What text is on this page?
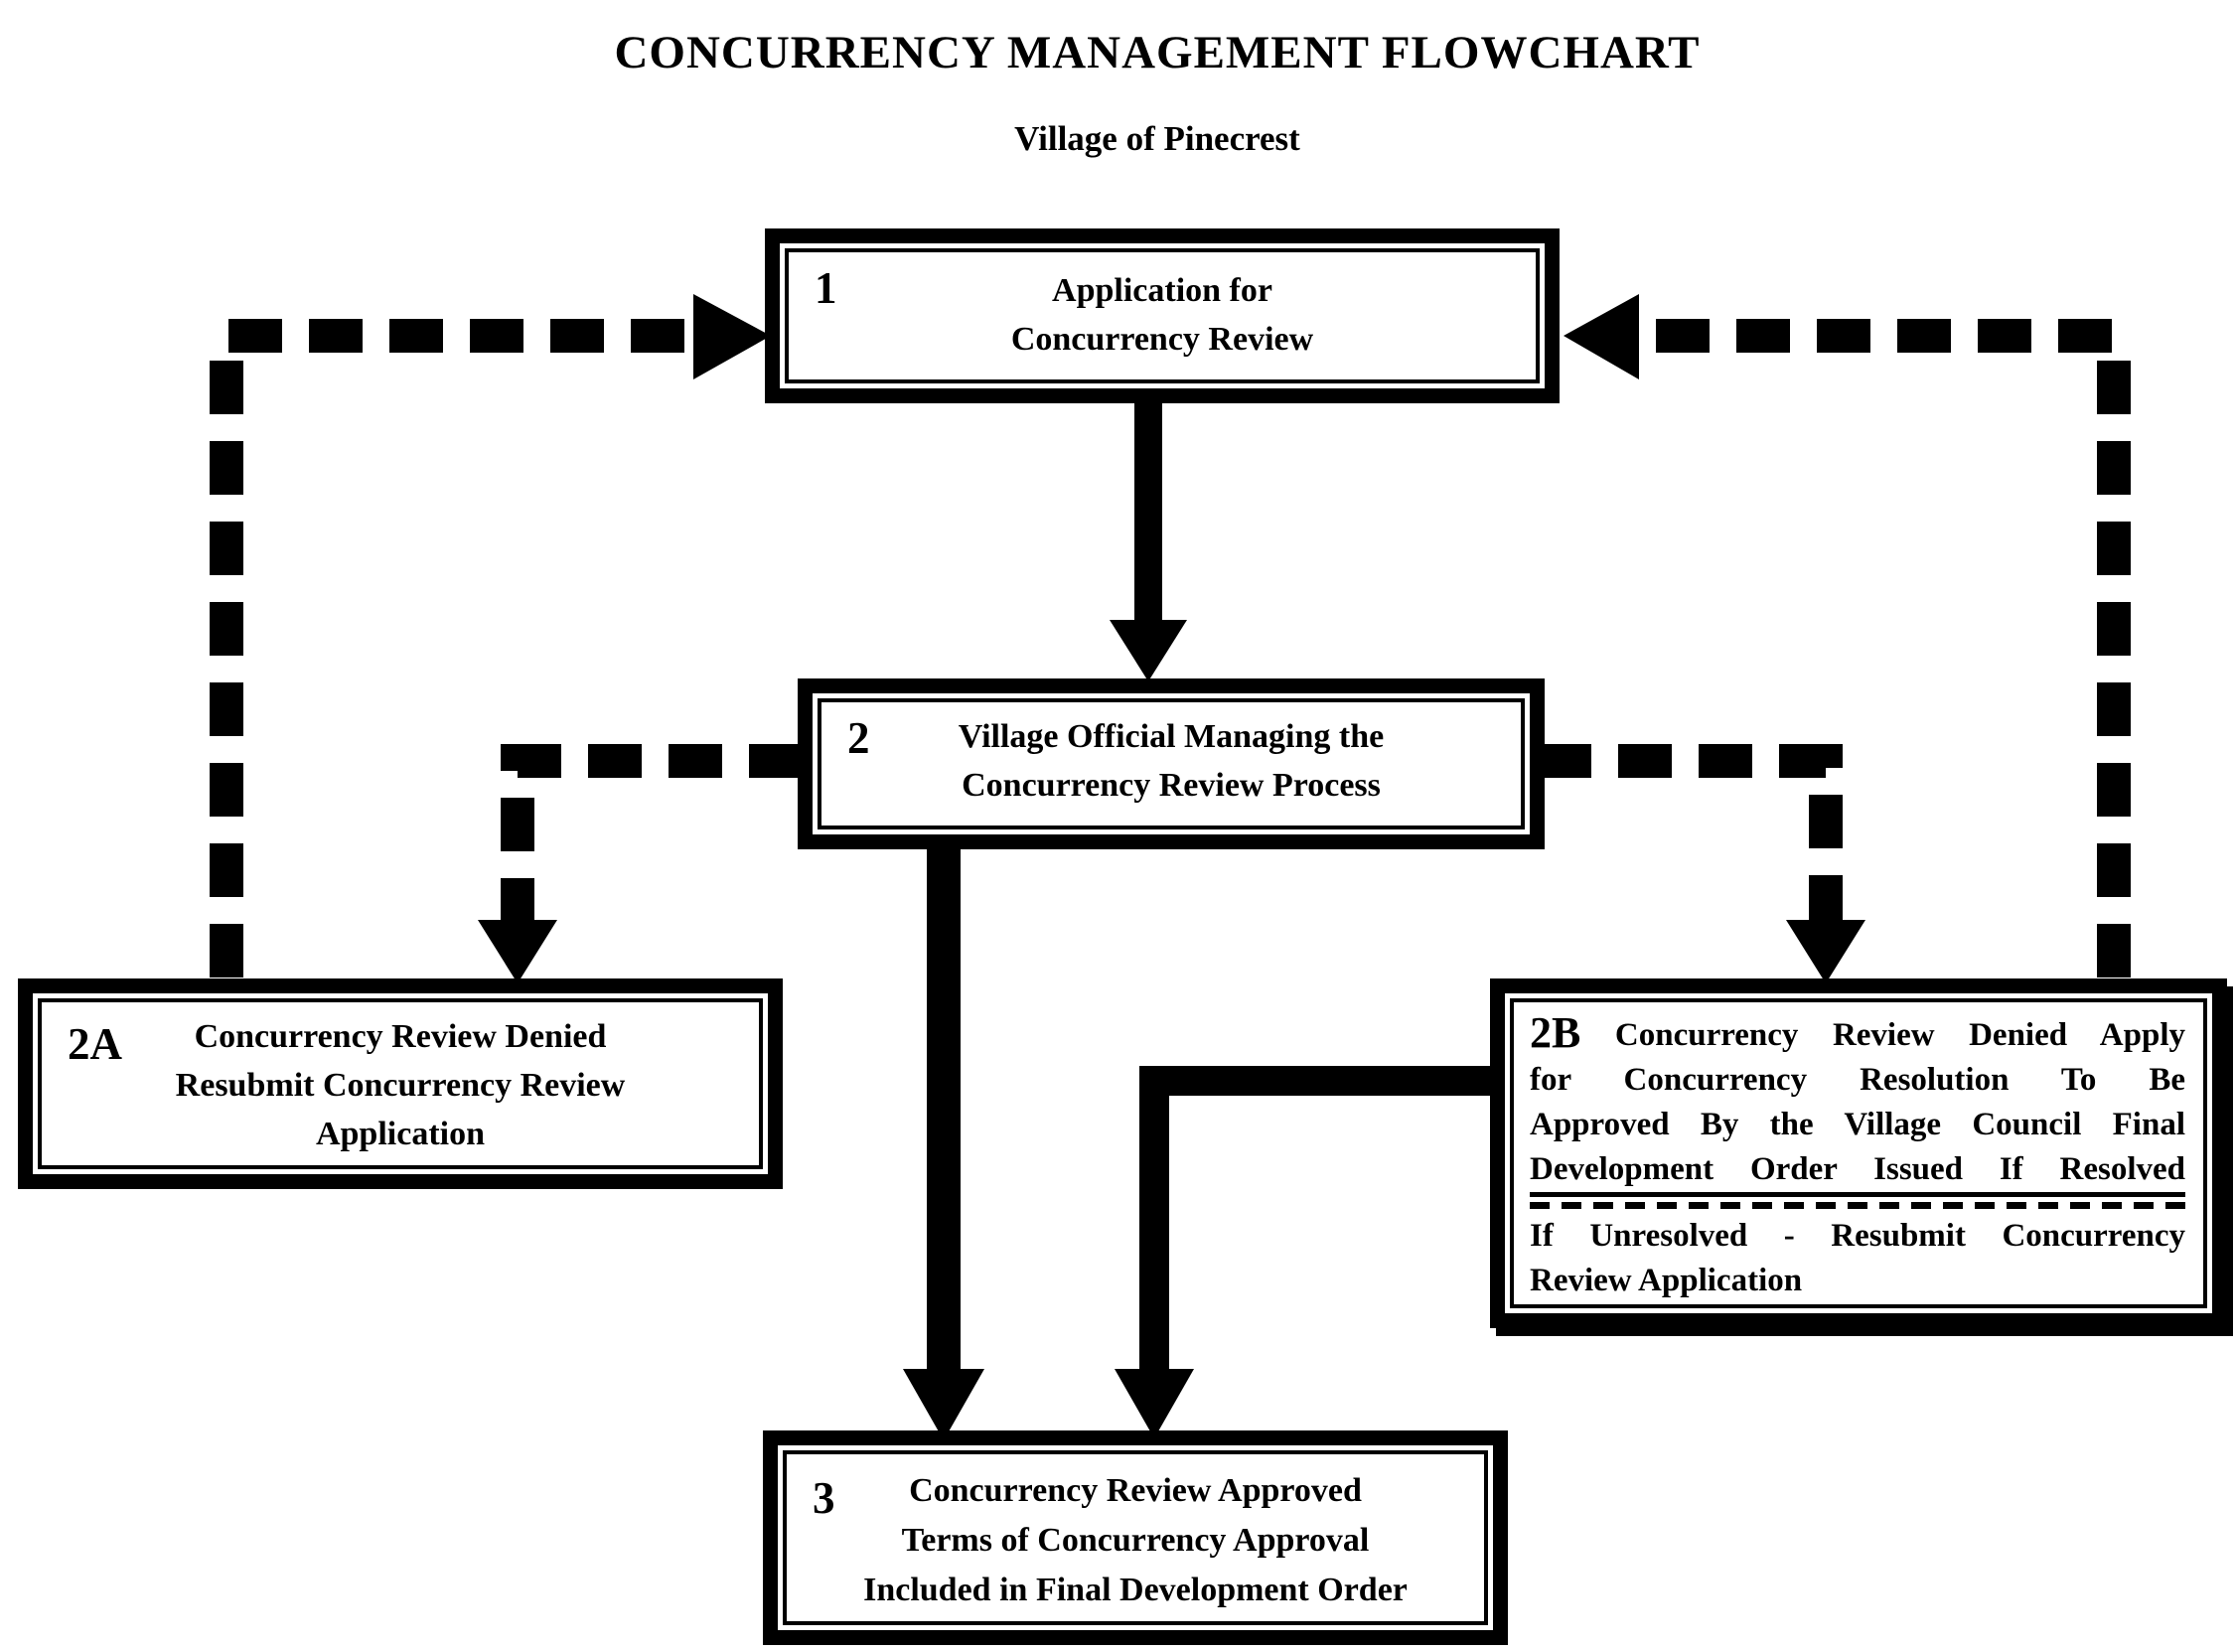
CONCURRENCY MANAGEMENT FLOWCHART
Village of Pinecrest
1	Application for
Concurrency Review
2	Village Official Managing the
Concurrency Review Process
2A	Concurrency Review Denied
Resubmit Concurrency Review
Application
2B Concurrency Review Denied Apply
for Concurrency Resolution To Be
Approved By the Village Council Final
Development Order Issued If Resolved
If Unresolved - Resubmit Concurrency
Review Application
3	Concurrency Review Approved
Terms of Concurrency Approval
Included in Final Development Order
